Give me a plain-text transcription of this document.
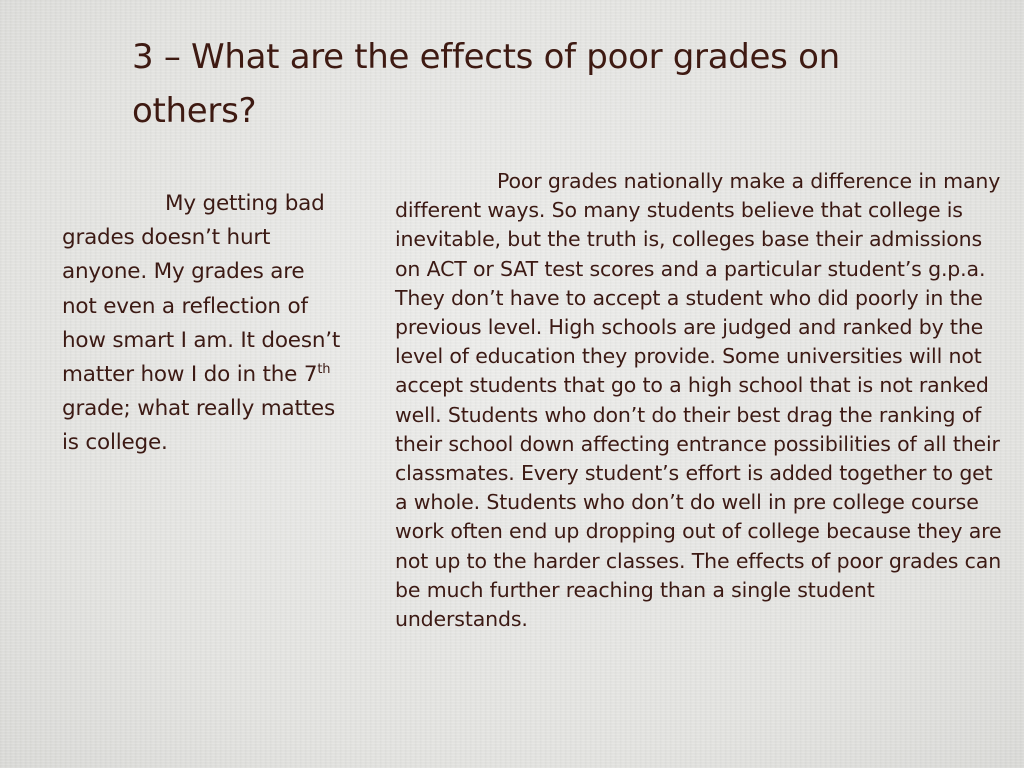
3 – What are the effects of poor grades on others?

My getting bad grades doesn’t hurt anyone. My grades are not even a reflection of how smart I am. It doesn’t matter how I do in the 7th grade; what really mattes is college.

Poor grades nationally make a difference in many different ways. So many students believe that college is inevitable, but the truth is, colleges base their admissions on ACT or SAT test scores and a particular student’s g.p.a. They don’t have to accept a student who did poorly in the previous level. High schools are judged and ranked by the level of education they provide. Some universities will not accept students that go to a high school that is not ranked well. Students who don’t do their best drag the ranking of their school down affecting entrance possibilities of all their classmates. Every student’s effort is added together to get a whole. Students who don’t do well in pre college course work often end up dropping out of college because they are not up to the harder classes. The effects of poor grades can be much further reaching than a single student understands.
